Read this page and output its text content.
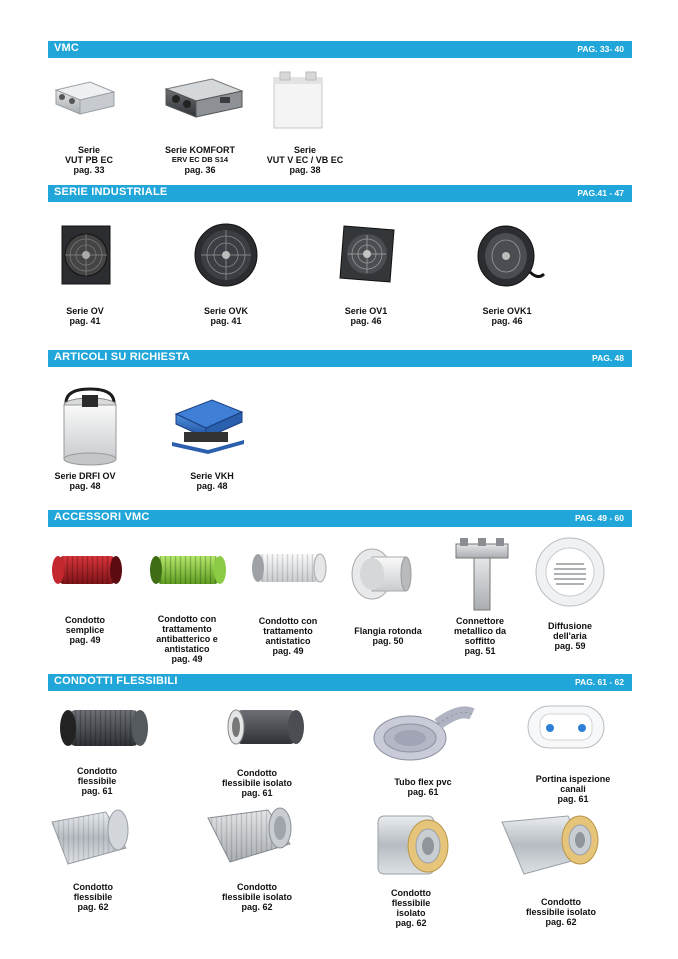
VMC	PAG. 33- 40
Serie
VUT PB EC
pag. 33
Serie KOMFORT
ERV EC DB S14
pag. 36
Serie
VUT V EC / VB EC
pag. 38
SERIE INDUSTRIALE	PAG.41 - 47
Serie OV
pag. 41
Serie OVK
pag. 41
Serie OV1
pag. 46
Serie OVK1
pag. 46
ARTICOLI SU RICHIESTA	PAG. 48
Serie DRFI OV
pag. 48
Serie VKH
pag. 48
ACCESSORI VMC	PAG. 49 - 60
Condotto
semplice
pag. 49
Condotto con
trattamento
antibatterico e
antistatico
pag. 49
Condotto con
trattamento
antistatico
pag. 49
Flangia rotonda
pag. 50
Connettore
metallico da
soffitto
pag. 51
Diffusione
dell'aria
pag. 59
CONDOTTI FLESSIBILI	PAG. 61 - 62
Condotto
flessibile
pag. 61
Condotto
flessibile isolato
pag. 61
Tubo flex pvc
pag. 61
Portina ispezione
canali
pag. 61
Condotto
flessibile
pag. 62
Condotto
flessibile isolato
pag. 62
Condotto
flessibile
isolato
pag. 62
Condotto
flessibile isolato
pag. 62
